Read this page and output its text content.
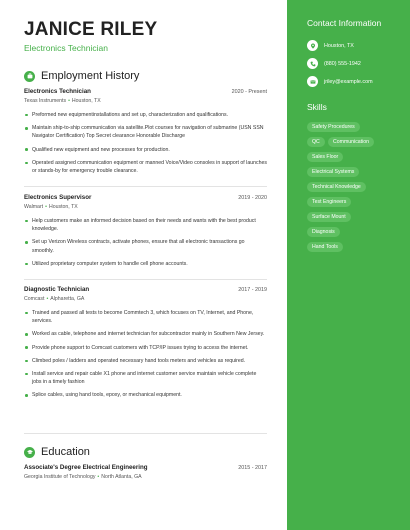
JANICE RILEY
Electronics Technician
Employment History
Electronics Technician	2020 - Present
Texas Instruments • Houston, TX
Preformed new equipmentinstallations and set up, characterization and qualifications.
Maintain ship-to-ship communication via satellite.Plot courses for navigation of submarine (USN SSN Navigator Certification) Top Secret clearance Honorable Discharge
Qualified new equipment and new processes for production.
Operated assigned communication equipment or manned Voice/Video consoles in support of launches or stands-by for emergency trouble clearance.
Electronics Supervisor	2019 - 2020
Walmart • Houston, TX
Help customers make an informed decision based on their needs and wants with the best product knowledge.
Set up Verizon Wireless contracts, activate phones, ensure that all electronic transactions go smoothly.
Utilized proprietary computer system to handle cell phone accounts.
Diagnostic Technician	2017 - 2019
Comcast • Alpharetta, GA
Trained and passed all tests to become Commtech 3, which focuses on TV, Internet, and Phone, services.
Worked as cable, telephone and internet technician for subcontractor mainly in Southern New Jersey.
Provide phone support to Comcast customers with TCP/IP issues trying to access the internet.
Climbed poles / ladders and operated necessary hand tools meters and vehicles as required.
Install service and repair cable X1 phone and internet customer service maintain vehicle complete jobs in a timely fashion
Splice cables, using hand tools, epoxy, or mechanical equipment.
Education
Associate's Degree Electrical Engineering	2015 - 2017
Georgia Institute of Technology • North Atlanta, GA
Contact Information
Houston, TX
(880) 555-1942
jriley@example.com
Skills
Safety Procedures
QC	Communication
Sales Floor
Electrical Systems
Technical Knowledge
Test Engineers
Surface Mount
Diagnosis
Hand Tools
